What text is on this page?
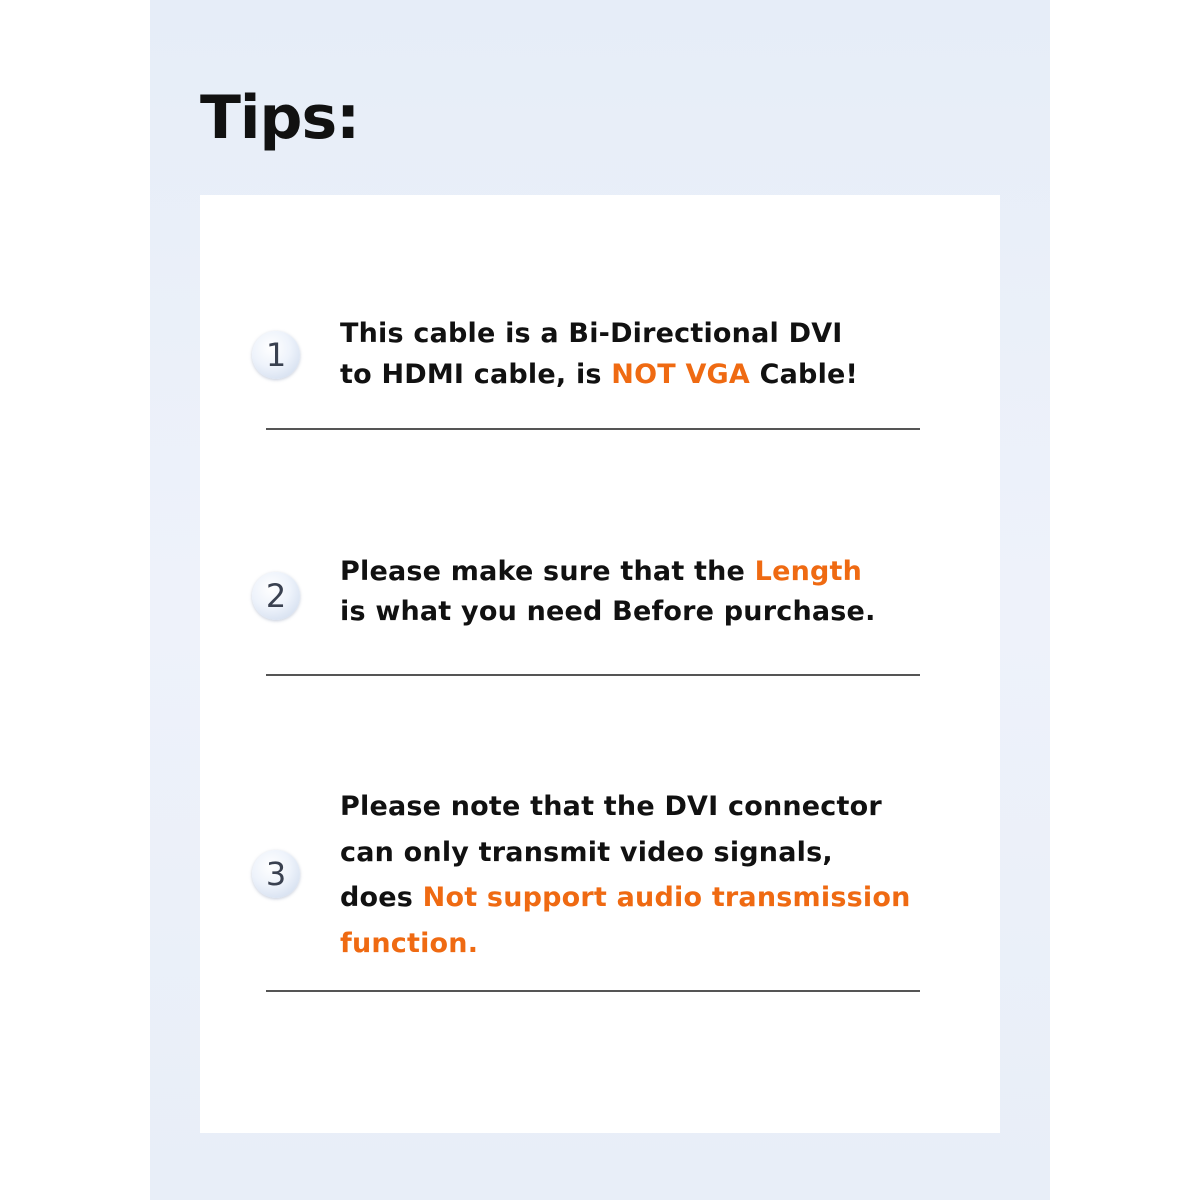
Tips:
1

This cable is a Bi-Directional DVI
to HDMI cable, is NOT VGA Cable!

2

Please make sure that the Length
is what you need Before purchase.

3

Please note that the DVI connector
can only transmit video signals,
does Not support audio transmission
function.
